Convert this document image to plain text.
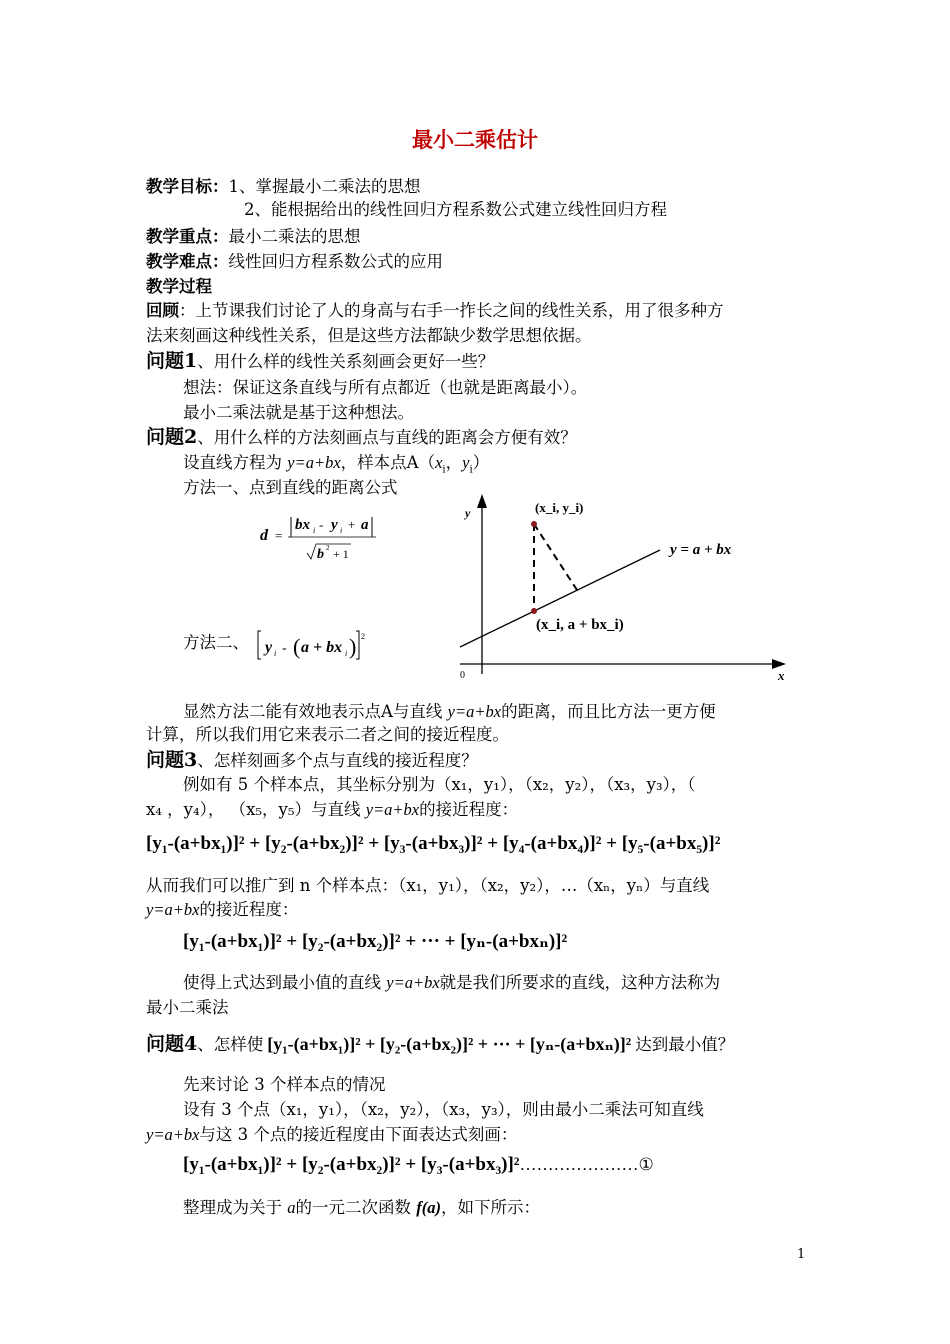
最小二乘估计
教学目标：1、掌握最小二乘法的思想
2、能根据给出的线性回归方程系数公式建立线性回归方程
教学重点：最小二乘法的思想
教学难点：线性回归方程系数公式的应用
教学过程
回顾：上节课我们讨论了人的身高与右手一拃长之间的线性关系，用了很多种方
法来刻画这种线性关系，但是这些方法都缺少数学思想依据。
问题1、用什么样的线性关系刻画会更好一些？
想法：保证这条直线与所有点都近（也就是距离最小）。
最小二乘法就是基于这种想法。
问题2、用什么样的方法刻画点与直线的距离会方便有效？
设直线方程为 y=a+bx，样本点$A(x_i$，$y_i$）
方法一、点到直线的距离公式
d =
bx i - y i + a
b 2 + 1
方法二、 y i - ( a + bx i ) 2
y
x
0
(x_i, y_i)
y = a + bx
(x_i, a + bx_i)
显然方法二能有效地表示点A与直线 y=a+bx的距离，而且比方法一更方便
计算，所以我们用它来表示二者之间的接近程度。
问题3、怎样刻画多个点与直线的接近程度？
例如有 5 个样本点，其坐标分别为（x₁，y₁），（x₂，y₂），（x₃，y₃），（
x₄ ，y₄）， （x₅，y₅）与直线 y=a+bx的接近程度：
[y₁-(a+bx₁)]² + [y₂-(a+bx₂)]² + [y₃-(a+bx₃)]² + [y₄-(a+bx₄)]² + [y₅-(a+bx₅)]²
从而我们可以推广到 n 个样本点：（x₁，y₁），（x₂，y₂），…（xₙ，yₙ）与直线
y=a+bx的接近程度：
[y₁-(a+bx₁)]² + [y₂-(a+bx₂)]² + ··· + [yₙ-(a+bxₙ)]²
使得上式达到最小值的直线 y=a+bx就是我们所要求的直线，这种方法称为
最小二乘法
问题4、怎样使 [y₁-(a+bx₁)]² + [y₂-(a+bx₂)]² + ··· + [yₙ-(a+bxₙ)]² 达到最小值？
先来讨论 3 个样本点的情况
设有 3 个点（x₁，y₁），（x₂，y₂），（x₃，y₃），则由最小二乘法可知直线
y=a+bx与这 3 个点的接近程度由下面表达式刻画：
[y₁-(a+bx₁)]² + [y₂-(a+bx₂)]² + [y₃-(a+bx₃)]²…………………①
整理成为关于 a的一元二次函数 f(a)，如下所示：
1
